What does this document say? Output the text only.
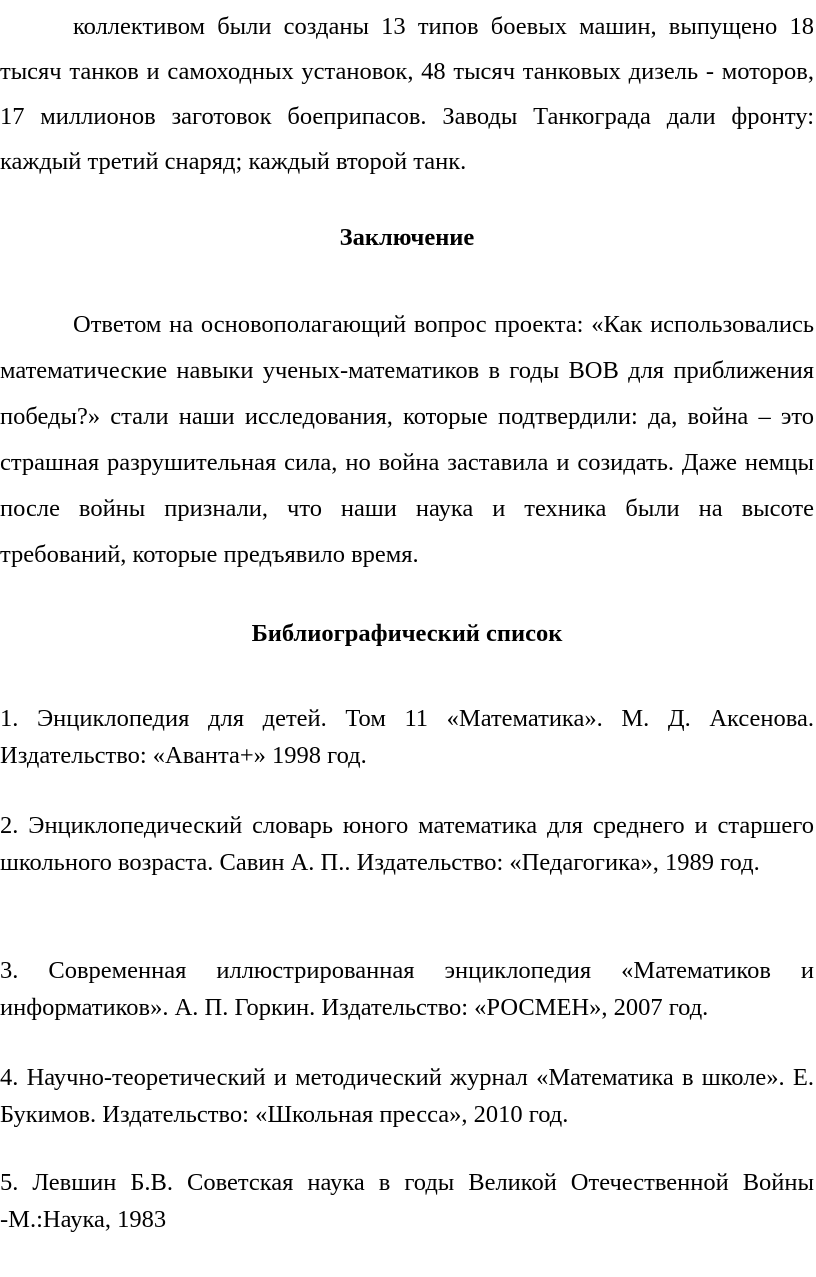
коллективом были созданы 13 типов боевых машин, выпущено 18 тысяч танков и самоходных установок, 48 тысяч танковых дизель - моторов, 17 миллионов заготовок боеприпасов. Заводы Танкограда дали фронту: каждый третий снаряд; каждый второй танк.

Заключение

Ответом на основополагающий вопрос проекта: «Как использовались математические навыки ученых-математиков в годы ВОВ для приближения победы?» стали наши исследования, которые подтвердили: да, война – это страшная разрушительная сила, но война заставила и созидать. Даже немцы после войны признали, что наши наука и техника были на высоте требований, которые предъявило время.

Библиографический список

1. Энциклопедия для детей. Том 11 «Математика». М. Д. Аксенова. Издательство: «Аванта+» 1998 год.

2. Энциклопедический словарь юного математика для среднего и старшего школьного возраста. Савин А. П.. Издательство: «Педагогика», 1989 год.

3. Современная иллюстрированная энциклопедия «Математиков и информатиков». А. П. Горкин. Издательство: «РОСМЕН», 2007 год.

4. Научно-теоретический и методический журнал «Математика в школе». Е. Букимов. Издательство: «Школьная пресса», 2010 год.

5. Левшин Б.В. Советская наука в годы Великой Отечественной Войны -М.:Наука, 1983
